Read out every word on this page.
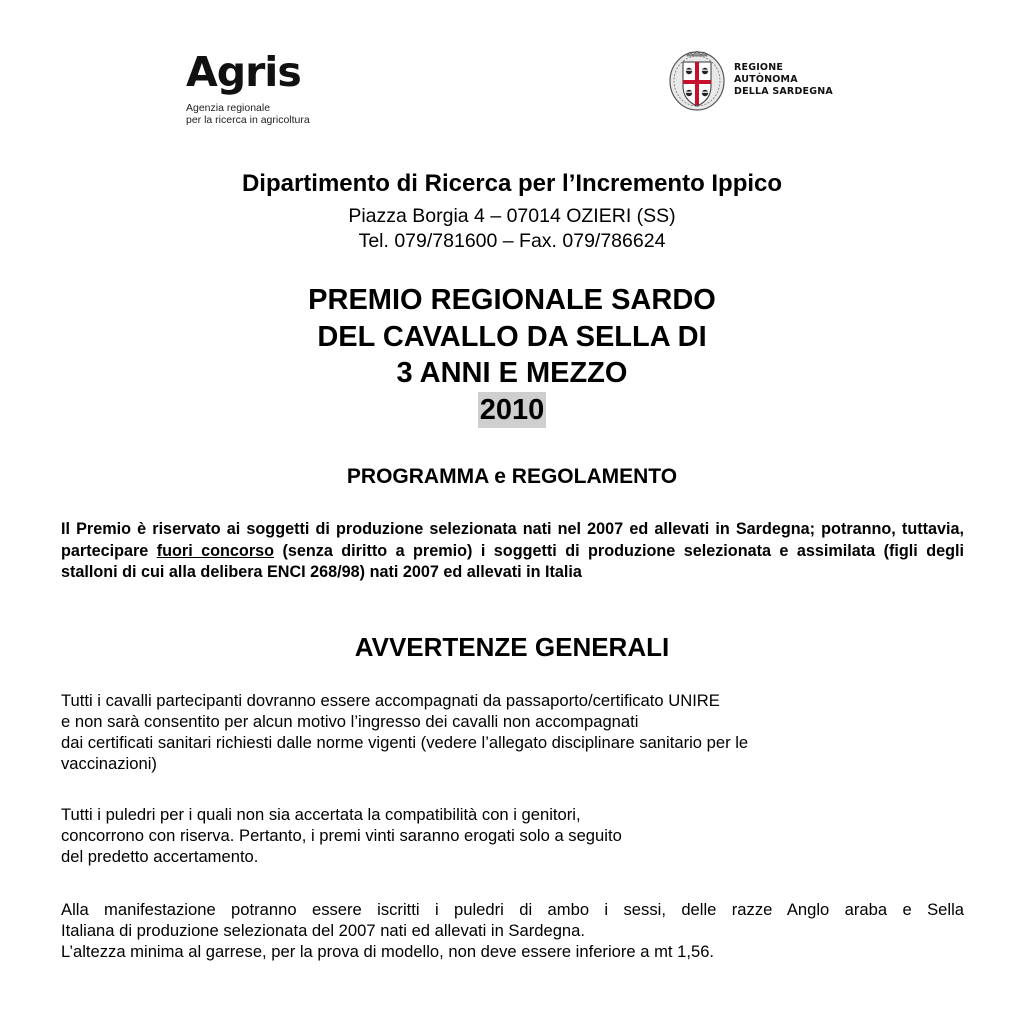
Agris
Agenzia regionale
per la ricerca in agricoltura
REGIONE
AUTÒNOMA
DELLA SARDEGNA
Dipartimento di Ricerca per l’Incremento Ippico
Piazza Borgia 4 – 07014 OZIERI (SS)
Tel. 079/781600 – Fax. 079/786624
PREMIO REGIONALE SARDO
DEL CAVALLO DA SELLA DI
3 ANNI E MEZZO
2010
PROGRAMMA e REGOLAMENTO
Il Premio è riservato ai soggetti di produzione selezionata nati nel 2007 ed allevati in Sardegna; potranno, tuttavia, partecipare fuori concorso (senza diritto a premio) i soggetti di produzione selezionata e assimilata (figli degli stalloni di cui alla delibera ENCI 268/98) nati 2007 ed allevati in Italia
AVVERTENZE GENERALI
Tutti i cavalli partecipanti dovranno essere accompagnati da passaporto/certificato UNIRE
e non sarà consentito per alcun motivo l’ingresso dei cavalli non accompagnati
dai certificati sanitari richiesti dalle norme vigenti (vedere l’allegato disciplinare sanitario per le
vaccinazioni)
Tutti i puledri per i quali non sia accertata la compatibilità con i genitori,
concorrono con riserva. Pertanto, i premi vinti saranno erogati solo a seguito
del predetto accertamento.
Alla manifestazione potranno essere iscritti i puledri di ambo i sessi, delle razze Anglo araba e Sella
Italiana di produzione selezionata del 2007 nati ed allevati in Sardegna.
L’altezza minima al garrese, per la prova di modello, non deve essere inferiore a mt 1,56.
